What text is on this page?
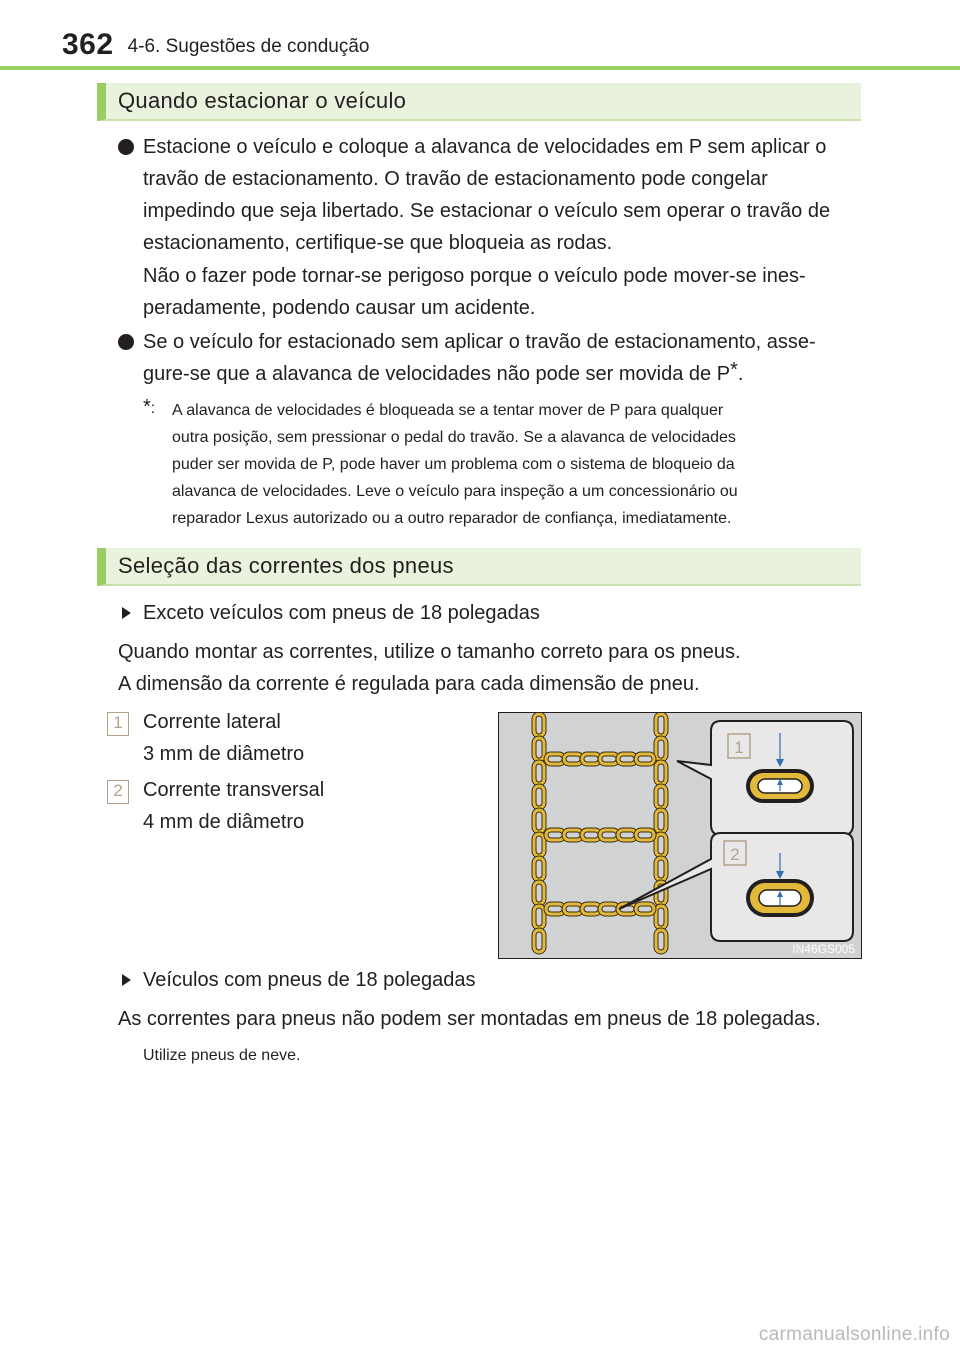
362 4-6. Sugestões de condução
Quando estacionar o veículo
Estacione o veículo e coloque a alavanca de velocidades em P sem aplicar o
travão de estacionamento. O travão de estacionamento pode congelar
impedindo que seja libertado. Se estacionar o veículo sem operar o travão de
estacionamento, certifique-se que bloqueia as rodas.
Não o fazer pode tornar-se perigoso porque o veículo pode mover-se ines-
peradamente, podendo causar um acidente.
Se o veículo for estacionado sem aplicar o travão de estacionamento, asse-
gure-se que a alavanca de velocidades não pode ser movida de P*.
*:	A alavanca de velocidades é bloqueada se a tentar mover de P para qualquer
outra posição, sem pressionar o pedal do travão. Se a alavanca de velocidades
puder ser movida de P, pode haver um problema com o sistema de bloqueio da
alavanca de velocidades. Leve o veículo para inspeção a um concessionário ou
reparador Lexus autorizado ou a outro reparador de confiança, imediatamente.
Seleção das correntes dos pneus
Exceto veículos com pneus de 18 polegadas
Quando montar as correntes, utilize o tamanho correto para os pneus.
A dimensão da corrente é regulada para cada dimensão de pneu.
1	Corrente lateral
3 mm de diâmetro
2	Corrente transversal
4 mm de diâmetro
1
2
IN46GS005
Veículos com pneus de 18 polegadas
As correntes para pneus não podem ser montadas em pneus de 18 polegadas.
Utilize pneus de neve.
carmanualsonline.info
